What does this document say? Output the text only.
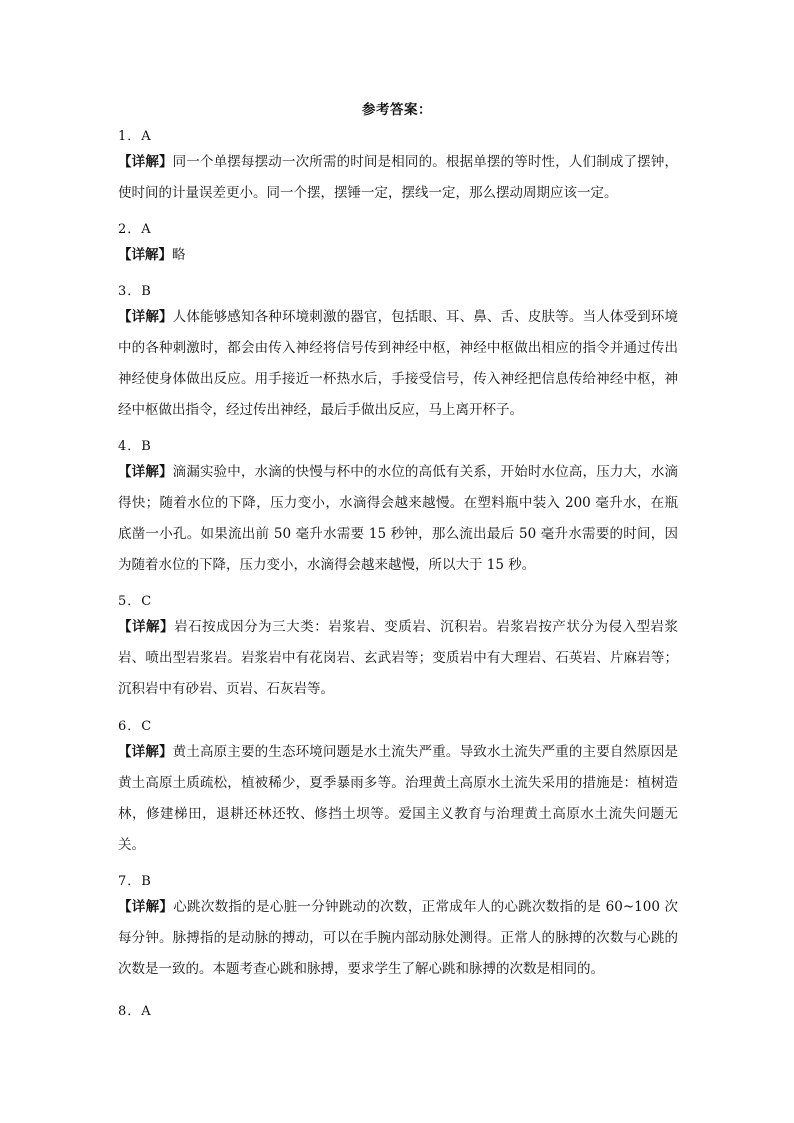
参考答案：
1．A
【详解】同一个单摆每摆动一次所需的时间是相同的。根据单摆的等时性，人们制成了摆钟，使时间的计量误差更小。同一个摆，摆锤一定，摆线一定，那么摆动周期应该一定。
2．A
【详解】略
3．B
【详解】人体能够感知各种环境刺激的器官，包括眼、耳、鼻、舌、皮肤等。当人体受到环境中的各种刺激时，都会由传入神经将信号传到神经中枢，神经中枢做出相应的指令并通过传出神经使身体做出反应。用手接近一杯热水后，手接受信号，传入神经把信息传给神经中枢，神经中枢做出指令，经过传出神经，最后手做出反应，马上离开杯子。
4．B
【详解】滴漏实验中，水滴的快慢与杯中的水位的高低有关系，开始时水位高，压力大，水滴得快；随着水位的下降，压力变小，水滴得会越来越慢。在塑料瓶中装入 200 毫升水，在瓶底凿一小孔。如果流出前 50 毫升水需要 15 秒钟，那么流出最后 50 毫升水需要的时间，因为随着水位的下降，压力变小，水滴得会越来越慢，所以大于 15 秒。
5．C
【详解】岩石按成因分为三大类：岩浆岩、变质岩、沉积岩。岩浆岩按产状分为侵入型岩浆岩、喷出型岩浆岩。岩浆岩中有花岗岩、玄武岩等；变质岩中有大理岩、石英岩、片麻岩等；沉积岩中有砂岩、页岩、石灰岩等。
6．C
【详解】黄土高原主要的生态环境问题是水土流失严重。导致水土流失严重的主要自然原因是黄土高原土质疏松，植被稀少，夏季暴雨多等。治理黄土高原水土流失采用的措施是：植树造林，修建梯田，退耕还林还牧、修挡土坝等。爱国主义教育与治理黄土高原水土流失问题无关。
7．B
【详解】心跳次数指的是心脏一分钟跳动的次数，正常成年人的心跳次数指的是 60~100 次每分钟。脉搏指的是动脉的搏动，可以在手腕内部动脉处测得。正常人的脉搏的次数与心跳的次数是一致的。本题考查心跳和脉搏，要求学生了解心跳和脉搏的次数是相同的。
8．A
